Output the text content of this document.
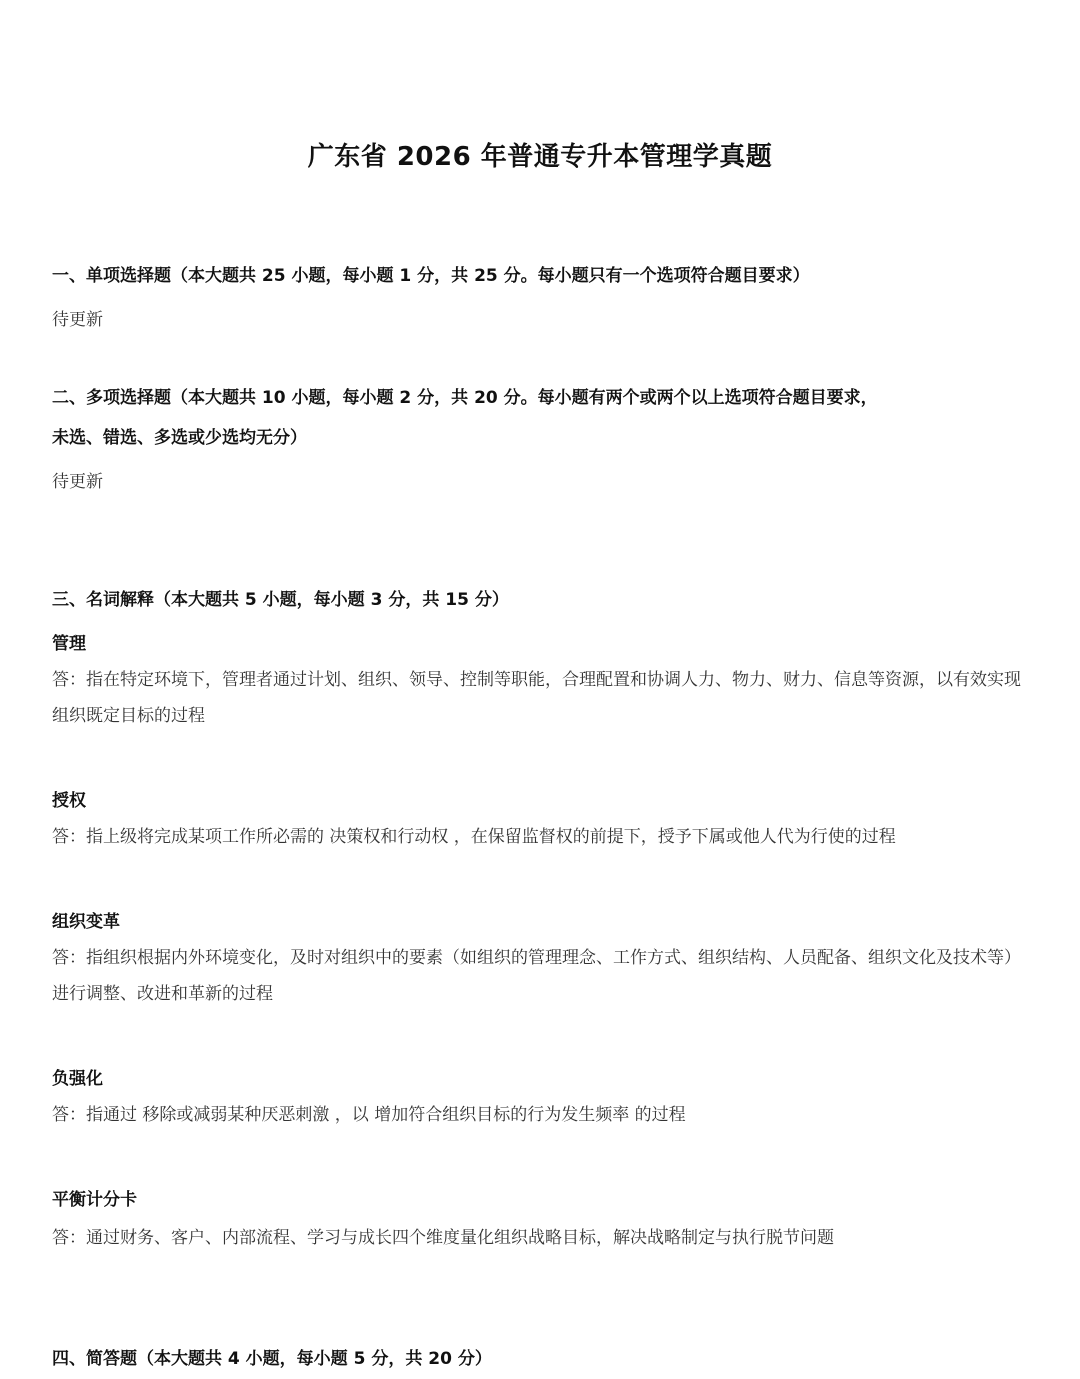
广东省 2026 年普通专升本管理学真题
一、单项选择题（本大题共 25 小题，每小题 1 分，共 25 分。每小题只有一个选项符合题目要求）
待更新
二、多项选择题（本大题共 10 小题，每小题 2 分，共 20 分。每小题有两个或两个以上选项符合题目要求，
未选、错选、多选或少选均无分）
待更新
三、名词解释（本大题共 5 小题，每小题 3 分，共 15 分）
管理
答：指在特定环境下，管理者通过计划、组织、领导、控制等职能，合理配置和协调人力、物力、财力、信息等资源，以有效实现组织既定目标的过程
授权
答：指上级将完成某项工作所必需的 决策权和行动权 ，在保留监督权的前提下，授予下属或他人代为行使的过程
组织变革
答：指组织根据内外环境变化，及时对组织中的要素（如组织的管理理念、工作方式、组织结构、人员配备、组织文化及技术等）进行调整、改进和革新的过程
负强化
答：指通过 移除或减弱某种厌恶刺激 ，以 增加符合组织目标的行为发生频率 的过程
平衡计分卡
答：通过财务、客户、内部流程、学习与成长四个维度量化组织战略目标，解决战略制定与执行脱节问题
四、简答题（本大题共 4 小题，每小题 5 分，共 20 分）
